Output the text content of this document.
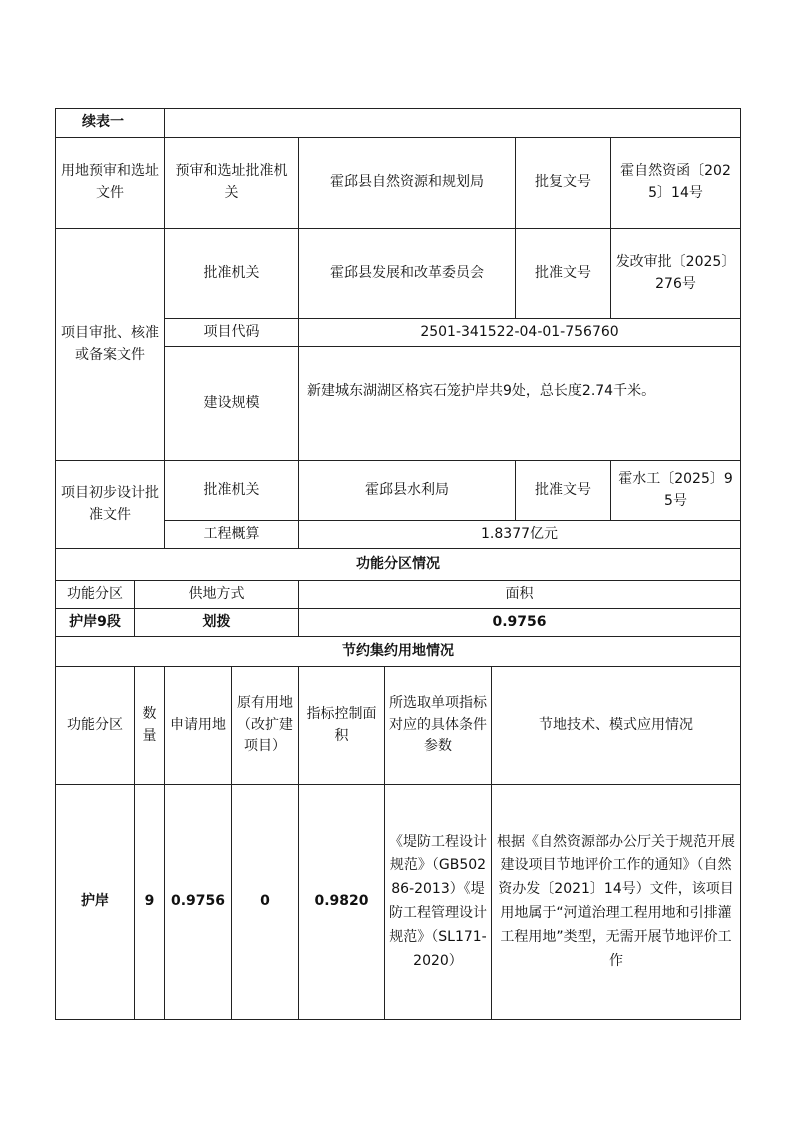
续表一								
用地预审和选址文件		预审和选址批准机关		霍邱县自然资源和规划局			批复文号	霍自然资函〔2025〕14号
项目审批、核准或备案文件		批准机关		霍邱县发展和改革委员会			批准文号	发改审批〔2025〕276号
		项目代码		2501-341522-04-01-756760				
		建设规模		新建城东湖湖区格宾石笼护岸共9处，总长度2.74千米。				
项目初步设计批准文件		批准机关		霍邱县水利局			批准文号	霍水工〔2025〕95号
		工程概算		1.8377亿元				
功能分区情况								
功能分区	供地方式			面积				
护岸9段	划拨			0.9756				
节约集约用地情况								
功能分区	数量	申请用地	原有用地（改扩建项目）	指标控制面积	所选取单项指标对应的具体条件参数	节地技术、模式应用情况		
护岸	9	0.9756	0	0.9820	《堤防工程设计规范》（GB50286-2013）《堤防工程管理设计规范》（SL171-2020）	根据《自然资源部办公厅关于规范开展建设项目节地评价工作的通知》（自然资办发〔2021〕14号）文件，该项目用地属于“河道治理工程用地和引排灌工程用地”类型，无需开展节地评价工作		
